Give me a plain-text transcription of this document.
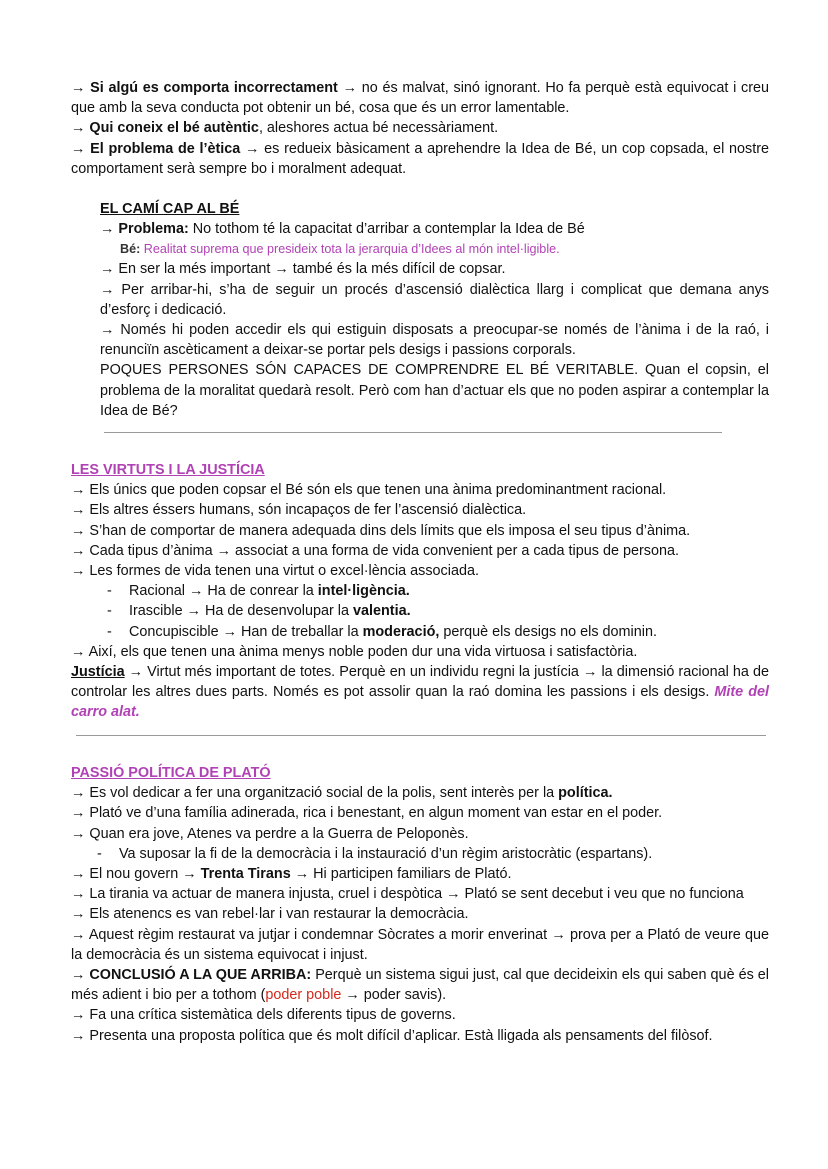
→ Si algú es comporta incorrectament → no és malvat, sinó ignorant. Ho fa perquè està equivocat i creu que amb la seva conducta pot obtenir un bé, cosa que és un error lamentable.

→ Qui coneix el bé autèntic, aleshores actua bé necessàriament.

→ El problema de l’ètica → es redueix bàsicament a aprehendre la Idea de Bé, un cop copsada, el nostre comportament serà sempre bo i moralment adequat.

EL CAMÍ CAP AL BÉ

→ Problema: No tothom té la capacitat d’arribar a contemplar la Idea de Bé

Bé: Realitat suprema que presideix tota la jerarquia d’Idees al món intel·ligible.

→ En ser la més important → també és la més difícil de copsar.

→ Per arribar-hi, s’ha de seguir un procés d’ascensió dialèctica llarg i complicat que demana anys d’esforç i dedicació.

→ Només hi poden accedir els qui estiguin disposats a preocupar-se només de l’ànima i de la raó, i renunciïn ascèticament a deixar-se portar pels desigs i passions corporals.

POQUES PERSONES SÓN CAPACES DE COMPRENDRE EL BÉ VERITABLE. Quan el copsin, el problema de la moralitat quedarà resolt. Però com han d’actuar els que no poden aspirar a contemplar la Idea de Bé?

LES VIRTUTS I LA JUSTÍCIA

→ Els únics que poden copsar el Bé són els que tenen una ànima predominantment racional.

→ Els altres éssers humans, són incapaços de fer l’ascensió dialèctica.

→ S’han de comportar de manera adequada dins dels límits que els imposa el seu tipus d’ànima.

→ Cada tipus d’ànima → associat a una forma de vida convenient per a cada tipus de persona.

→ Les formes de vida tenen una virtut o excel·lència associada.

-	Racional → Ha de conrear la intel·ligència.
-	Irascible → Ha de desenvolupar la valentia.
-	Concupiscible → Han de treballar la moderació, perquè els desigs no els dominin.

→ Així, els que tenen una ànima menys noble poden dur una vida virtuosa i satisfactòria.

Justícia → Virtut més important de totes. Perquè en un individu regni la justícia → la dimensió racional ha de controlar les altres dues parts. Només es pot assolir quan la raó domina les passions i els desigs. Mite del carro alat.

PASSIÓ POLÍTICA DE PLATÓ

→ Es vol dedicar a fer una organització social de la polis, sent interès per la política.

→ Plató ve d’una família adinerada, rica i benestant, en algun moment van estar en el poder.

→ Quan era jove, Atenes va perdre a la Guerra de Peloponès.

-	Va suposar la fi de la democràcia i la instauració d’un règim aristocràtic (espartans).

→ El nou govern → Trenta Tirans → Hi participen familiars de Plató.

→ La tirania va actuar de manera injusta, cruel i despòtica → Plató se sent decebut i veu que no funciona

→ Els atenencs es van rebel·lar i van restaurar la democràcia.

→ Aquest règim restaurat va jutjar i condemnar Sòcrates a morir enverinat → prova per a Plató de veure que la democràcia és un sistema equivocat i injust.

→ CONCLUSIÓ A LA QUE ARRIBA: Perquè un sistema sigui just, cal que decideixin els qui saben què és el més adient i bio per a tothom (poder poble → poder savis).

→ Fa una crítica sistemàtica dels diferents tipus de governs.

→ Presenta una proposta política que és molt difícil d’aplicar. Està lligada als pensaments del filòsof.
